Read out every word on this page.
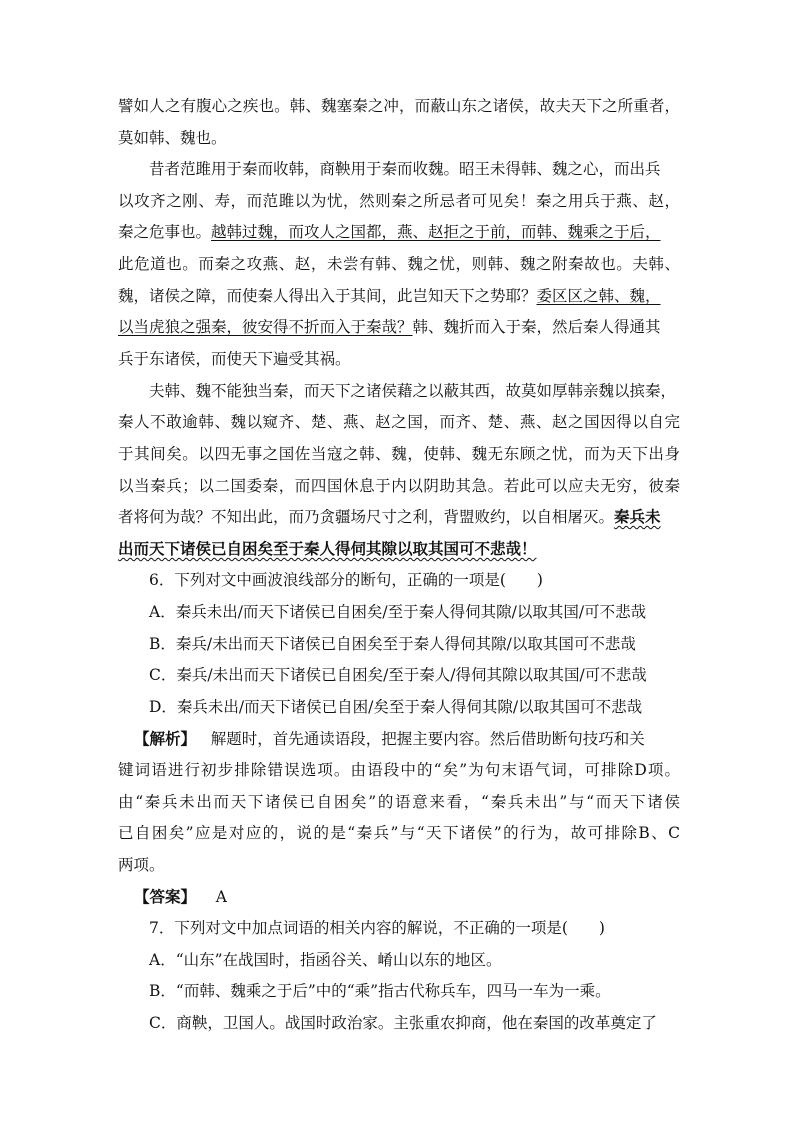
譬如人之有腹心之疾也。韩、魏塞秦之冲，而蔽山东之诸侯，故夫天下之所重者，
莫如韩、魏也。
昔者范雎用于秦而收韩，商鞅用于秦而收魏。昭王未得韩、魏之心，而出兵
以攻齐之刚、寿，而范雎以为忧，然则秦之所忌者可见矣！秦之用兵于燕、赵，
秦之危事也。越韩过魏，而攻人之国都，燕、赵拒之于前，而韩、魏乘之于后，
此危道也。而秦之攻燕、赵，未尝有韩、魏之忧，则韩、魏之附秦故也。夫韩、
魏，诸侯之障，而使秦人得出入于其间，此岂知天下之势耶？委区区之韩、魏，
以当虎狼之强秦，彼安得不折而入于秦哉？韩、魏折而入于秦，然后秦人得通其
兵于东诸侯，而使天下遍受其祸。
夫韩、魏不能独当秦，而天下之诸侯藉之以蔽其西，故莫如厚韩亲魏以摈秦，
秦人不敢逾韩、魏以窥齐、楚、燕、赵之国，而齐、楚、燕、赵之国因得以自完
于其间矣。以四无事之国佐当寇之韩、魏，使韩、魏无东顾之忧，而为天下出身
以当秦兵；以二国委秦，而四国休息于内以阴助其急。若此可以应夫无穷，彼秦
者将何为哉？不知出此，而乃贪疆场尺寸之利，背盟败约，以自相屠灭。秦兵未
出而天下诸侯已自困矣至于秦人得伺其隙以取其国可不悲哉！
6．下列对文中画波浪线部分的断句，正确的一项是(　　)
A．秦兵未出/而天下诸侯已自困矣/至于秦人得伺其隙/以取其国/可不悲哉
B．秦兵/未出而天下诸侯已自困矣至于秦人得伺其隙/以取其国可不悲哉
C．秦兵/未出而天下诸侯已自困矣/至于秦人/得伺其隙以取其国/可不悲哉
D．秦兵未出/而天下诸侯已自困/矣至于秦人得伺其隙/以取其国可不悲哉
【解析】 解题时，首先通读语段，把握主要内容。然后借助断句技巧和关
键词语进行初步排除错误选项。由语段中的“矣”为句末语气词，可排除D项。
由“秦兵未出而天下诸侯已自困矣”的语意来看，“秦兵未出”与“而天下诸侯
已自困矣”应是对应的，说的是“秦兵”与“天下诸侯”的行为，故可排除B、C
两项。
【答案】 A
7．下列对文中加点词语的相关内容的解说，不正确的一项是(　　)
A．“山东”在战国时，指函谷关、崤山以东的地区。
B．“而韩、魏乘之于后”中的“乘”指古代称兵车，四马一车为一乘。
C．商鞅，卫国人。战国时政治家。主张重农抑商，他在秦国的改革奠定了
